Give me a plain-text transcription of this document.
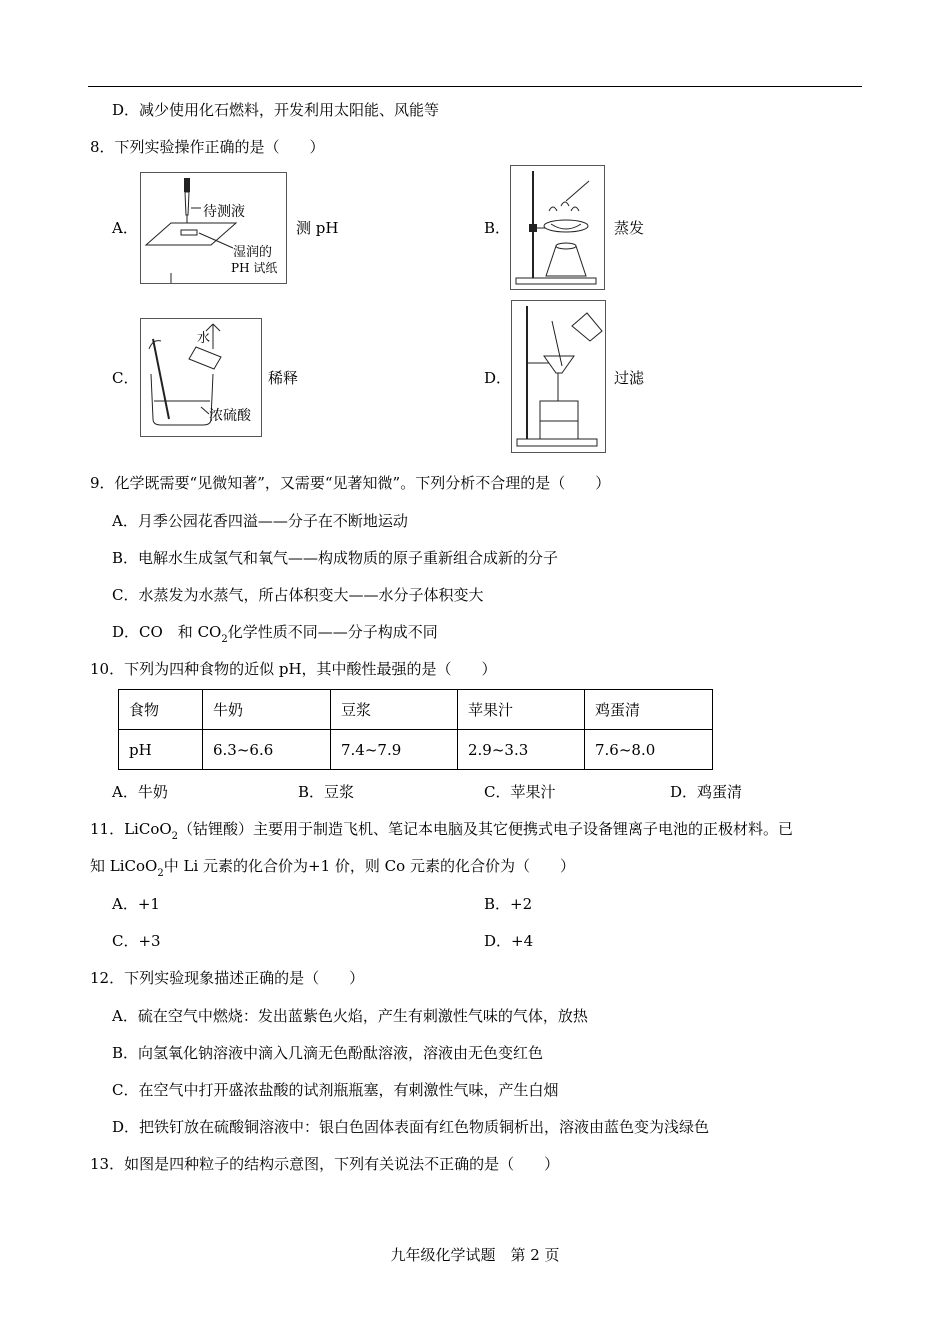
D．减少使用化石燃料，开发利用太阳能、风能等
8．下列实验操作正确的是（　　）
A．
待测液
湿润的
PH 试纸
测 pH	B．	蒸发
C．
水
浓硫酸
稀释	D．	过滤
9．化学既需要“见微知著”，又需要“见著知微”。下列分析不合理的是（　　）
A．月季公园花香四溢——分子在不断地运动
B．电解水生成氢气和氧气——构成物质的原子重新组合成新的分子
C．水蒸发为水蒸气，所占体积变大——水分子体积变大
D．CO　和 $CO_2$化学性质不同——分子构成不同
10．下列为四种食物的近似 pH，其中酸性最强的是（　　）
食物	牛奶	豆浆	苹果汁	鸡蛋清
pH	6.3~6.6	7.4~7.9	2.9~3.3	7.6~8.0
A．牛奶	B．豆浆	C．苹果汁	D．鸡蛋清
11．LiCoO$_2$（钴锂酸）主要用于制造飞机、笔记本电脑及其它便携式电子设备锂离子电池的正极材料。已
知 LiCoO$_2$中 Li 元素的化合价为+1 价，则 Co 元素的化合价为（　　）
A．+1	B．+2
C．+3	D．+4
12．下列实验现象描述正确的是（　　）
A．硫在空气中燃烧：发出蓝紫色火焰，产生有刺激性气味的气体，放热
B．向氢氧化钠溶液中滴入几滴无色酚酞溶液，溶液由无色变红色
C．在空气中打开盛浓盐酸的试剂瓶瓶塞，有刺激性气味，产生白烟
D．把铁钉放在硫酸铜溶液中：银白色固体表面有红色物质铜析出，溶液由蓝色变为浅绿色
13．如图是四种粒子的结构示意图，下列有关说法不正确的是（　　）
九年级化学试题　第 2 页
